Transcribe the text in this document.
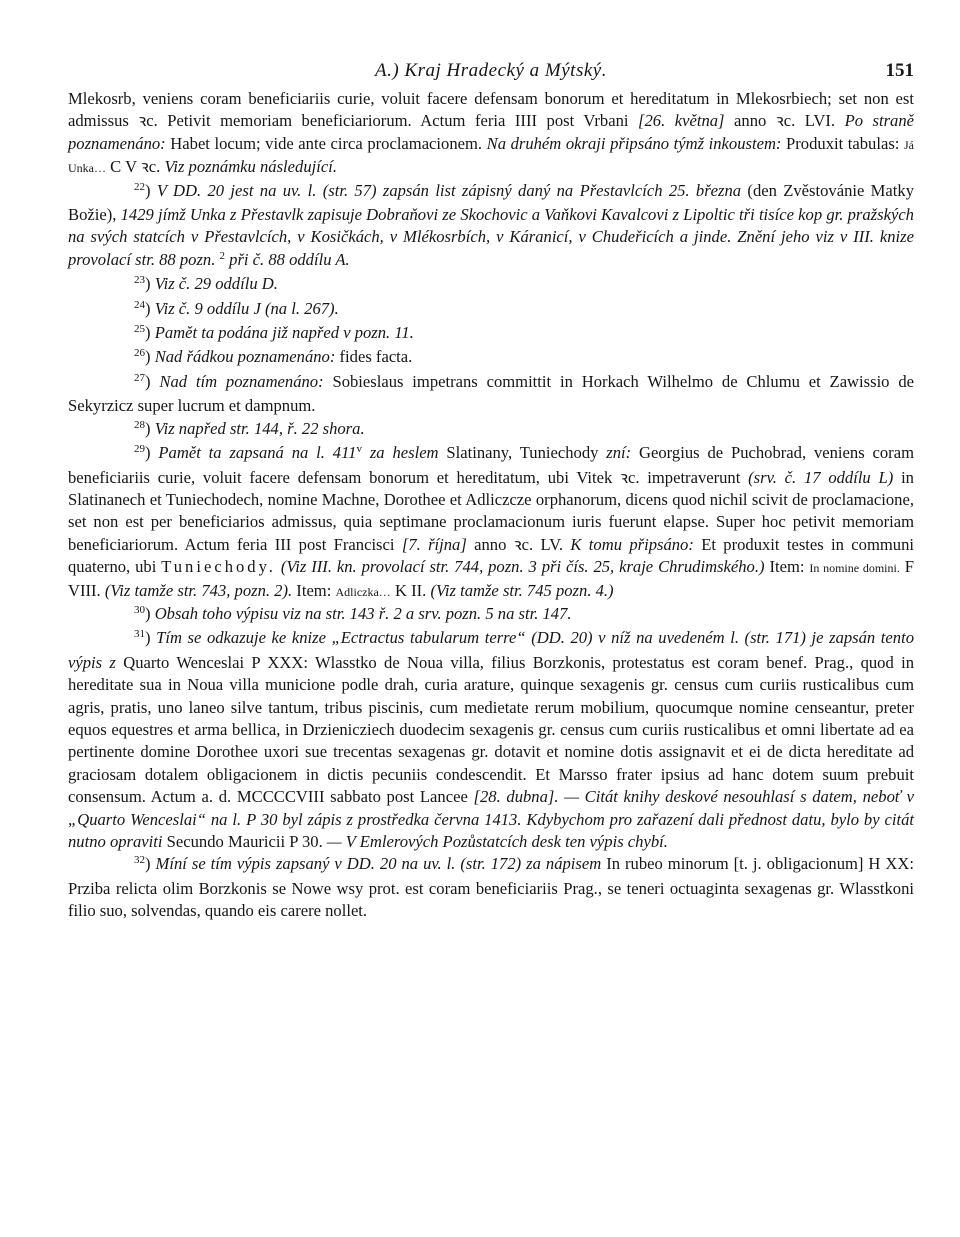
A.) Kraj Hradecký a Mýtský.	151

Mlekosrb, veniens coram beneficiariis curie, voluit facere defensam bonorum et hereditatum in Mlekosrbiech; set non est admissus ꝛc. Petivit memoriam beneficiariorum. Actum feria IIII post Vrbani [26. května] anno ꝛc. LVI. Po straně poznamenáno: Habet locum; vide ante circa proclamacionem. Na druhém okraji připsáno týmž inkoustem: Produxit tabulas: Já Unka… C V ꝛc. Viz poznámku následující.

$^{22}$) V DD. 20 jest na uv. l. (str. 57) zapsán list zápisný daný na Přestavlcích 25. března (den Zvěstovánie Matky Božie), 1429 jímž Unka z Přestavlk zapisuje Dobraňovi ze Skochovic a Vaňkovi Kavalcovi z Lipoltic tři tisíce kop gr. pražských na svých statcích v Přestavlcích, v Kosičkách, v Mlékosrbích, v Káranicí, v Chudeřicích a jinde. Znění jeho viz v III. knize provolací str. 88 pozn. $^2$ při č. 88 oddílu A.

$^{23}$) Viz č. 29 oddílu D.

$^{24}$) Viz č. 9 oddílu J (na l. 267).

$^{25}$) Pamět ta podána již napřed v pozn. 11.

$^{26}$) Nad řádkou poznamenáno: fides facta.

$^{27}$) Nad tím poznamenáno: Sobieslaus impetrans committit in Horkach Wilhelmo de Chlumu et Zawissio de Sekyrzicz super lucrum et dampnum.

$^{28}$) Viz napřed str. 144, ř. 22 shora.

$^{29}$) Pamět ta zapsaná na l. 411$^v$ za heslem Slatinany, Tuniechody zní: Georgius de Puchobrad, veniens coram beneficiariis curie, voluit facere defensam bonorum et hereditatum, ubi Vitek ꝛc. impetraverunt (srv. č. 17 oddílu L) in Slatinanech et Tuniechodech, nomine Machne, Dorothee et Adliczcze orphanorum, dicens quod nichil scivit de proclamacione, set non est per beneficiarios admissus, quia septimane proclamacionum iuris fuerunt elapse. Super hoc petivit memoriam beneficiariorum. Actum feria III post Francisci [7. října] anno ꝛc. LV. K tomu připsáno: Et produxit testes in communi quaterno, ubi Tuniechody. (Viz III. kn. provolací str. 744, pozn. 3 při čís. 25, kraje Chrudimského.) Item: In nomine domini. F VIII. (Viz tamže str. 743, pozn. 2). Item: Adliczka… K II. (Viz tamže str. 745 pozn. 4.)

$^{30}$) Obsah toho výpisu viz na str. 143 ř. 2 a srv. pozn. 5 na str. 147.

$^{31}$) Tím se odkazuje ke knize „Ectractus tabularum terre“ (DD. 20) v níž na uvedeném l. (str. 171) je zapsán tento výpis z Quarto Wenceslai P XXX: Wlasstko de Noua villa, filius Borzkonis, protestatus est coram benef. Prag., quod in hereditate sua in Noua villa municione podle drah, curia arature, quinque sexagenis gr. census cum curiis rusticalibus cum agris, pratis, uno laneo silve tantum, tribus piscinis, cum medietate rerum mobilium, quocumque nomine censeantur, preter equos equestres et arma bellica, in Drzienicziech duodecim sexagenis gr. census cum curiis rusticalibus et omni libertate ad ea pertinente domine Dorothee uxori sue trecentas sexagenas gr. dotavit et nomine dotis assignavit et ei de dicta hereditate ad graciosam dotalem obligacionem in dictis pecuniis condescendit. Et Marsso frater ipsius ad hanc dotem suum prebuit consensum. Actum a. d. MCCCCVIII sabbato post Lancee [28. dubna]. — Citát knihy deskové nesouhlasí s datem, neboť v „Quarto Wenceslai“ na l. P 30 byl zápis z prostředka června 1413. Kdybychom pro zařazení dali přednost datu, bylo by citát nutno opraviti Secundo Mauricii P 30. — V Emlerových Pozůstatcích desk ten výpis chybí.

$^{32}$) Míní se tím výpis zapsaný v DD. 20 na uv. l. (str. 172) za nápisem In rubeo minorum [t. j. obligacionum] H XX: Przibа relicta olim Borzkonis se Nowe wsy prot. est coram beneficiariis Prag., se teneri octuaginta sexagenas gr. Wlasstkoni filio suo, solvendas, quando eis carere nollet.
